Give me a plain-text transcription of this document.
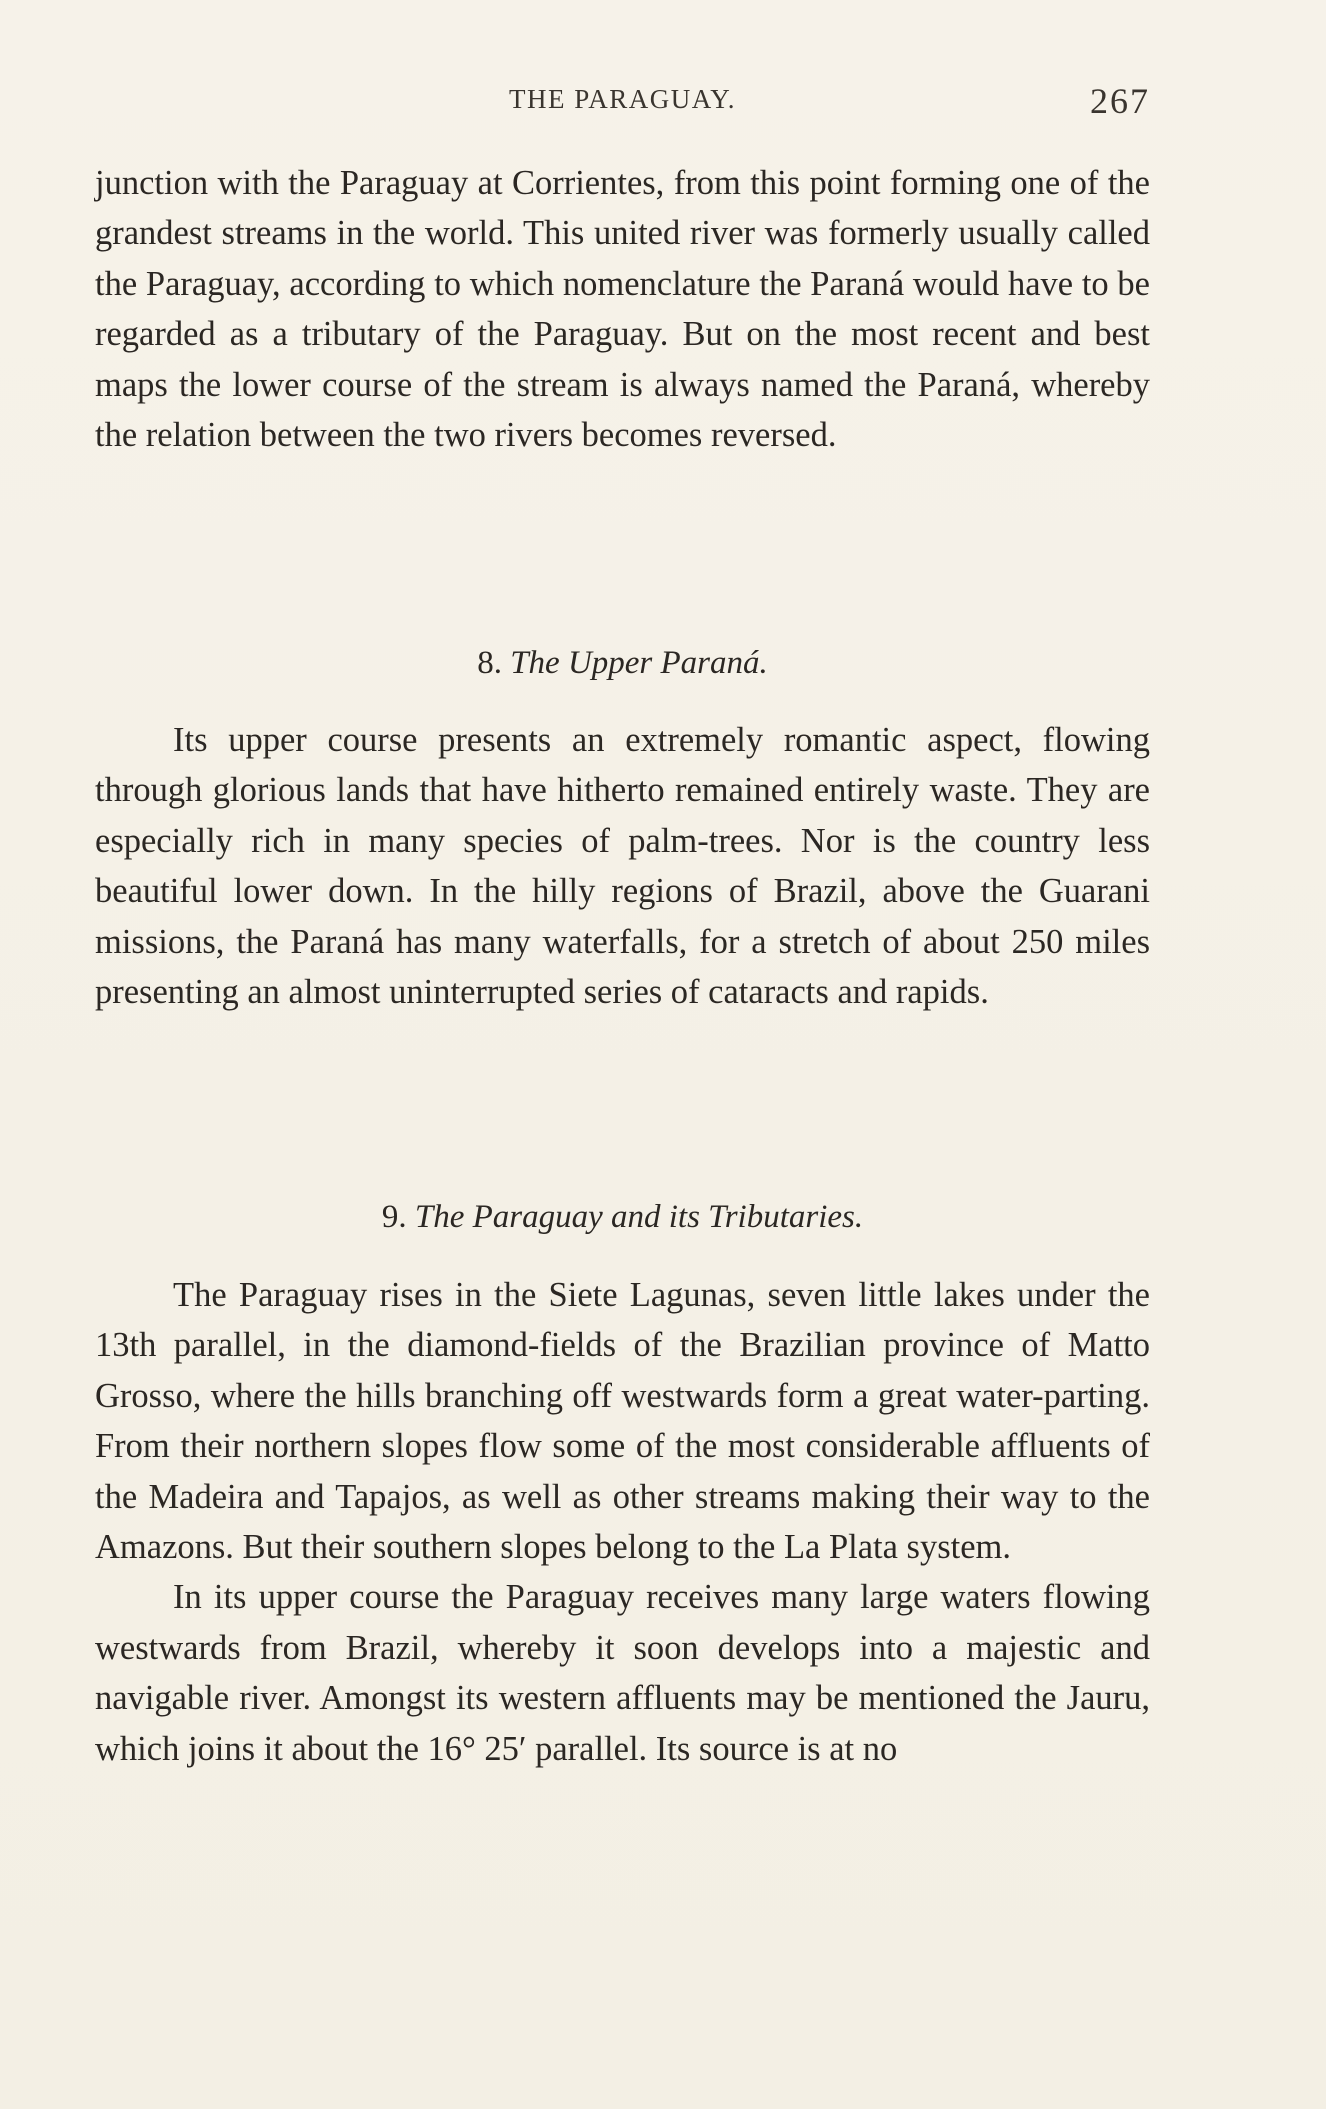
THE PARAGUAY.	267

junction with the Paraguay at Corrientes, from this point forming one of the grandest streams in the world. This united river was formerly usually called the Paraguay, according to which nomenclature the Paraná would have to be regarded as a tributary of the Paraguay. But on the most recent and best maps the lower course of the stream is always named the Paraná, whereby the relation between the two rivers becomes reversed.

8. The Upper Paraná.

Its upper course presents an extremely romantic aspect, flowing through glorious lands that have hitherto remained entirely waste. They are especially rich in many species of palm-trees. Nor is the country less beautiful lower down. In the hilly regions of Brazil, above the Guarani missions, the Paraná has many waterfalls, for a stretch of about 250 miles presenting an almost uninterrupted series of cataracts and rapids.

9. The Paraguay and its Tributaries.

The Paraguay rises in the Siete Lagunas, seven little lakes under the 13th parallel, in the diamond-fields of the Brazilian province of Matto Grosso, where the hills branching off westwards form a great water-parting. From their northern slopes flow some of the most considerable affluents of the Madeira and Tapajos, as well as other streams making their way to the Amazons. But their southern slopes belong to the La Plata system.

In its upper course the Paraguay receives many large waters flowing westwards from Brazil, whereby it soon develops into a majestic and navigable river. Amongst its western affluents may be mentioned the Jauru, which joins it about the 16° 25′ parallel. Its source is at no
